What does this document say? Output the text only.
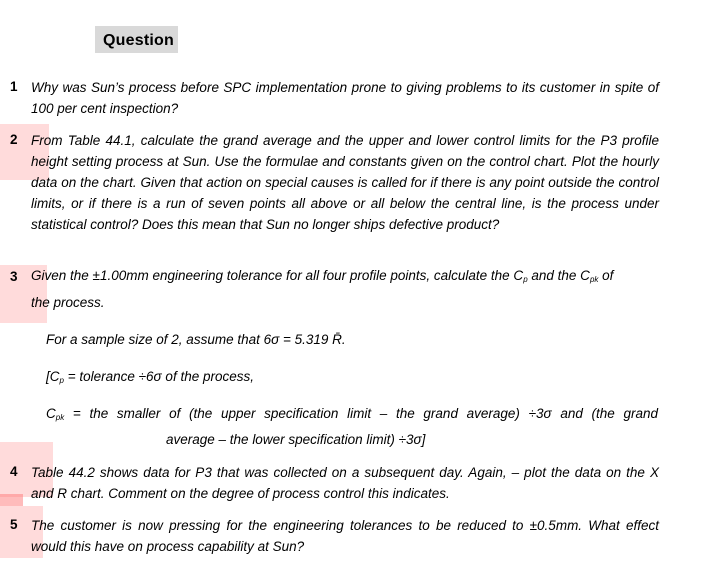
Question
1 Why was Sun’s process before SPC implementation prone to giving problems to its customer in spite of 100 per cent inspection?
2 From Table 44.1, calculate the grand average and the upper and lower control limits for the P3 profile height setting process at Sun. Use the formulae and constants given on the control chart. Plot the hourly data on the chart. Given that action on special causes is called for if there is any point outside the control limits, or if there is a run of seven points all above or all below the central line, is the process under statistical control? Does this mean that Sun no longer ships defective product?
3 Given the ±1.00mm engineering tolerance for all four profile points, calculate the $C_p$ and the $C_{pk}$ of
the process.
For a sample size of 2, assume that 6σ = 5.319 R̄.
[$C_p$ = tolerance ÷6σ of the process,
$C_{pk}$ = the smaller of (the upper specification limit – the grand average) ÷3σ and (the grand
average – the lower specification limit) ÷3σ]
4 Table 44.2 shows data for P3 that was collected on a subsequent day. Again, – plot the data on the X and R chart. Comment on the degree of process control this indicates.
5 The customer is now pressing for the engineering tolerances to be reduced to ±0.5mm. What effect would this have on process capability at Sun?
